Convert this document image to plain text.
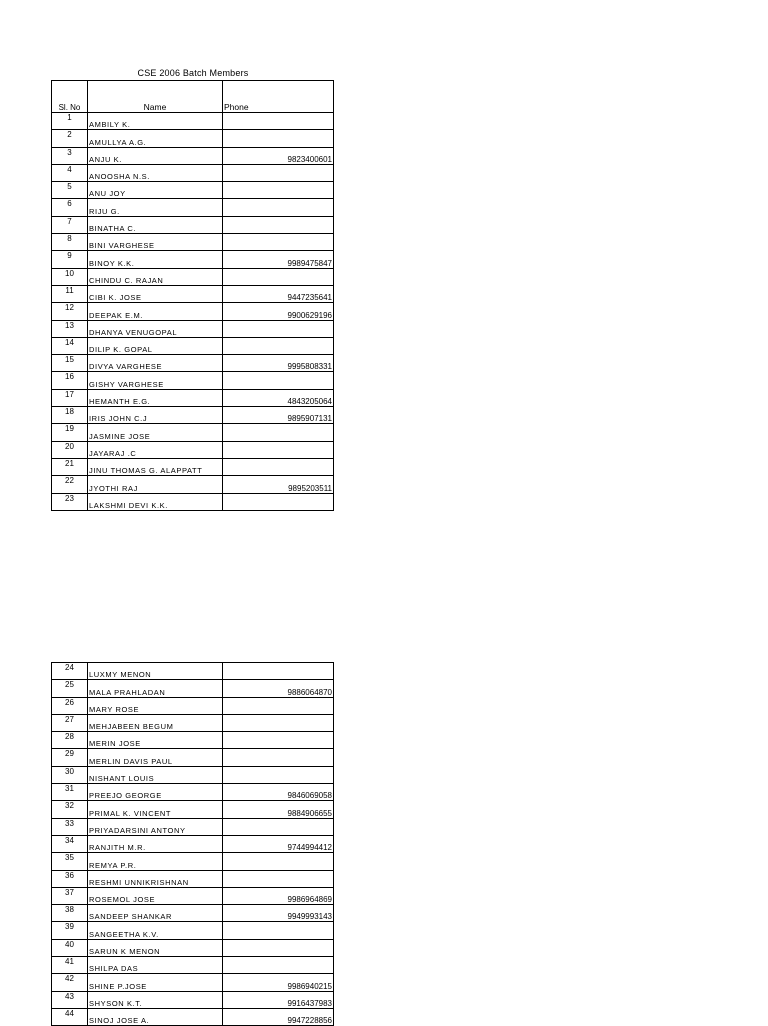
CSE 2006 Batch Members
Sl. No	Name	Phone
1	AMBILY K.	
2	AMULLYA A.G.	
3	ANJU K.	9823400601
4	ANOOSHA N.S.	
5	ANU JOY	
6	RIJU G.	
7	BINATHA C.	
8	BINI VARGHESE	
9	BINOY K.K.	9989475847
10	CHINDU C. RAJAN	
11	CIBI K. JOSE	9447235641
12	DEEPAK E.M.	9900629196
13	DHANYA VENUGOPAL	
14	DILIP K. GOPAL	
15	DIVYA VARGHESE	9995808331
16	GISHY VARGHESE	
17	HEMANTH E.G.	4843205064
18	IRIS JOHN C.J	9895907131
19	JASMINE JOSE	
20	JAYARAJ .C	
21	JINU THOMAS G. ALAPPATT	
22	JYOTHI RAJ	9895203511
23	LAKSHMI DEVI K.K.	
24	LUXMY MENON	
25	MALA PRAHLADAN	9886064870
26	MARY ROSE	
27	MEHJABEEN BEGUM	
28	MERIN JOSE	
29	MERLIN DAVIS PAUL	
30	NISHANT LOUIS	
31	PREEJO GEORGE	9846069058
32	PRIMAL K. VINCENT	9884906655
33	PRIYADARSINI ANTONY	
34	RANJITH M.R.	9744994412
35	REMYA P.R.	
36	RESHMI UNNIKRISHNAN	
37	ROSEMOL JOSE	9986964869
38	SANDEEP SHANKAR	9949993143
39	SANGEETHA K.V.	
40	SARUN K MENON	
41	SHILPA DAS	
42	SHINE P.JOSE	9986940215
43	SHYSON K.T.	9916437983
44	SINOJ JOSE A.	9947228856
